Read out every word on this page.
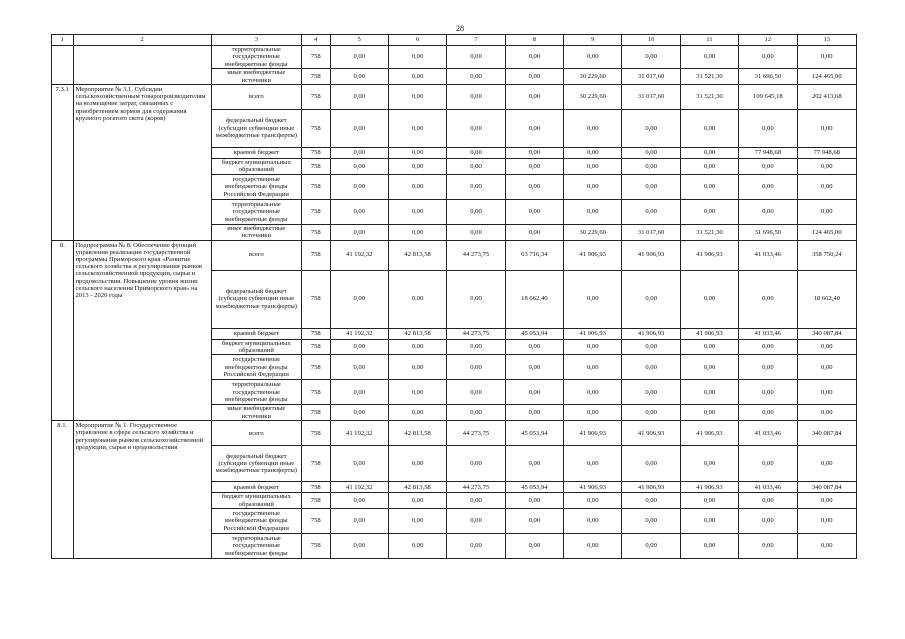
28
1	2	3	4	5	6	7	8	9	10	11	12	13
		территориальные государственные внебюджетные фонды	758	0,00	0,00	0,00	0,00	0,00	0,00	0,00	0,00	0,00
		иные внебюджетные источники	758	0,00	0,00	0,00	0,00	30 229,60	31 017,60	31 521,30	31 696,50	124 465,00
7.3.1	Мероприятие № 3.1. Субсидии сельскохозяйственным товаропроизводителям на возмещение затрат, связанных с приобретением кормов для содержания крупного рогатого скота (коров)	всего	758	0,00	0,00	0,00	0,00	30 229,60	31 017,60	31 521,30	109 645,18	202 413,68
		федеральный бюджет (субсидии субвенции иные межбюджетные трансферты)	758	0,00	0,00	0,00	0,00	0,00	0,00	0,00	0,00	0,00
		краевой бюджет	758	0,00	0,00	0,00	0,00	0,00	0,00	0,00	77 948,68	77 948,68
		бюджет муниципальных образований	758	0,00	0,00	0,00	0,00	0,00	0,00	0,00	0,00	0,00
		государственные внебюджетные фонды Российской Федерации	758	0,00	0,00	0,00	0,00	0,00	0,00	0,00	0,00	0,00
		территориальные государственные внебюджетные фонды	758	0,00	0,00	0,00	0,00	0,00	0,00	0,00	0,00	0,00
		иные внебюджетные источники	758	0,00	0,00	0,00	0,00	30 229,60	31 017,60	31 521,30	31 696,50	124 465,00
8.	Подпрограмма № 8. Обеспечение функций управления реализации государственной программы Приморского края «Развитие сельского хозяйства и регулирования рынков сельскохозяйственной продукции, сырья и продовольствия. Повышение уровня жизни сельского населения Приморского края» на 2013 - 2020 годы	всего	758	41 192,32	42 813,58	44 273,75	63 716,34	41 906,93	41 906,93	41 906,93	41 033,46	358 750,24
		федеральный бюджет (субсидии субвенции иные межбюджетные трансферты)	758	0,00	0,00	0,00	18 662,40	0,00	0,00	0,00	0,00	18 662,40
		краевой бюджет	758	41 192,32	42 813,58	44 273,75	45 053,94	41 906,93	41 906,93	41 906,93	41 033,46	340 087,84
		бюджет муниципальных образований	758	0,00	0,00	0,00	0,00	0,00	0,00	0,00	0,00	0,00
		государственные внебюджетные фонды Российской Федерации	758	0,00	0,00	0,00	0,00	0,00	0,00	0,00	0,00	0,00
		территориальные государственные внебюджетные фонды	758	0,00	0,00	0,00	0,00	0,00	0,00	0,00	0,00	0,00
		иные внебюджетные источники	758	0,00	0,00	0,00	0,00	0,00	0,00	0,00	0,00	0,00
8.1.	Мероприятие № 1. Государственное управление в сфере сельского хозяйства и регулирования рынков сельскохозяйственной продукции, сырья и продовольствия	всего	758	41 192,32	42 813,58	44 273,75	45 053,94	41 906,93	41 906,93	41 906,93	41 033,46	340 087,84
		федеральный бюджет (субсидии субвенции иные межбюджетные трансферты)	758	0,00	0,00	0,00	0,00	0,00	0,00	0,00	0,00	0,00
		краевой бюджет	758	41 192,32	42 813,58	44 273,75	45 053,94	41 906,93	41 906,93	41 906,93	41 033,46	340 087,84
		бюджет муниципальных образований	758	0,00	0,00	0,00	0,00	0,00	0,00	0,00	0,00	0,00
		государственные внебюджетные фонды Российской Федерации	758	0,00	0,00	0,00	0,00	0,00	0,00	0,00	0,00	0,00
		территориальные государственные внебюджетные фонды	758	0,00	0,00	0,00	0,00	0,00	0,00	0,00	0,00	0,00
